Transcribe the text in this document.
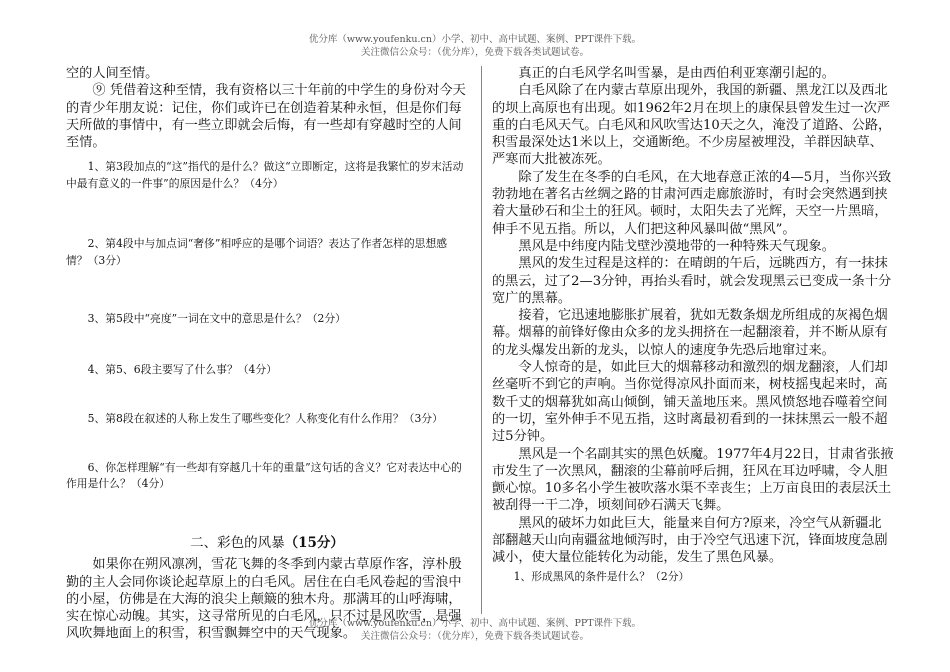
优分库（www.youfenku.cn）小学、初中、高中试题、案例、PPT课件下载。
关注微信公众号：（优分库），免费下载各类试题试卷。

空的人间至情。

⑨ 凭借着这种至情，我有资格以三十年前的中学生的身份对今天的青少年朋友说：记住，你们或许已在创造着某种永恒，但是你们每天所做的事情中，有一些立即就会后悔，有一些却有穿越时空的人间至情。

1、第3段加点的“这”指代的是什么？做这“立即断定，这将是我繁忙的岁末活动中最有意义的一件事”的原因是什么？（4分）

2、第4段中与加点词“奢侈”相呼应的是哪个词语？表达了作者怎样的思想感情？（3分）

3、第5段中“亮度”一词在文中的意思是什么？（2分）

4、第5、6段主要写了什么事？（4分）

5、第8段在叙述的人称上发生了哪些变化？人称变化有什么作用？（3分）

6、你怎样理解“有一些却有穿越几十年的重量”这句话的含义？它对表达中心的作用是什么？（4分）

二、彩色的风暴（15分）

如果你在朔风凛冽，雪花飞舞的冬季到内蒙古草原作客，淳朴殷勤的主人会同你谈论起草原上的白毛风。居住在白毛风卷起的雪浪中的小屋，仿佛是在大海的浪尖上颠簸的独木舟。那满耳的山呼海啸，实在惊心动魄。其实，这寻常所见的白毛风，只不过是风吹雪，是强风吹舞地面上的积雪，积雪飘舞空中的天气现象。

真正的白毛风学名叫雪暴，是由西伯利亚寒潮引起的。

白毛风除了在内蒙古草原出现外，我国的新疆、黑龙江以及西北的坝上高原也有出现。如1962年2月在坝上的康保县曾发生过一次严重的白毛风天气。白毛风和风吹雪达10天之久，淹没了道路、公路，积雪最深处达1米以上，交通断绝。不少房屋被埋没，羊群因缺草、严寒而大批被冻死。

除了发生在冬季的白毛风，在大地春意正浓的4—5月，当你兴致勃勃地在著名古丝绸之路的甘肃河西走廊旅游时，有时会突然遇到挟着大量砂石和尘土的狂风。顿时，太阳失去了光辉，天空一片黑暗，伸手不见五指。所以，人们把这种风暴叫做“黑风”。

黑风是中纬度内陆戈壁沙漠地带的一种特殊天气现象。

黑风的发生过程是这样的：在晴朗的午后，远眺西方，有一抹抹的黑云，过了2—3分钟，再抬头看时，就会发现黑云已变成一条十分宽广的黑幕。

接着，它迅速地膨胀扩展着，犹如无数条烟龙所组成的灰褐色烟幕。烟幕的前锋好像由众多的龙头拥挤在一起翻滚着，并不断从原有的龙头爆发出新的龙头，以惊人的速度争先恐后地窜过来。

令人惊奇的是，如此巨大的烟幕移动和激烈的烟龙翻滚，人们却丝毫听不到它的声响。当你觉得凉风扑面而来，树枝摇曳起来时，高数千丈的烟幕犹如高山倾倒，铺天盖地压来。黑风愤怒地吞噬着空间的一切，室外伸手不见五指，这时离最初看到的一抹抹黑云一般不超过5分钟。

黑风是一个名副其实的黑色妖魔。1977年4月22日，甘肃省张掖市发生了一次黑风，翻滚的尘幕前呼后拥，狂风在耳边呼啸，令人胆颤心惊。10多名小学生被吹落水渠不幸丧生；上万亩良田的表层沃土被刮得一干二净，顷刻间砂石满天飞舞。

黑风的破坏力如此巨大，能量来自何方?原来，冷空气从新疆北部翻越天山向南疆盆地倾泻时，由于冷空气迅速下沉，锋面坡度急剧减小，使大量位能转化为动能，发生了黑色风暴。

1、形成黑风的条件是什么？（2分）

优分库（www.youfenku.cn）小学、初中、高中试题、案例、PPT课件下载。
关注微信公众号：（优分库），免费下载各类试题试卷。
